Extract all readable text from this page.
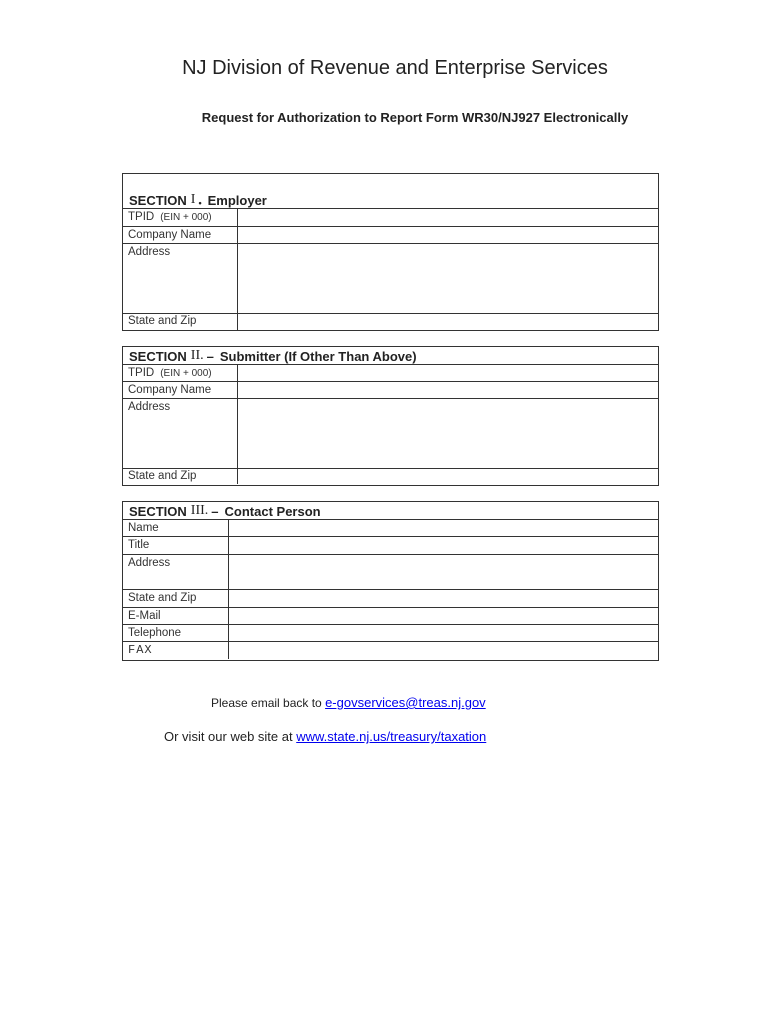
NJ Division of Revenue and Enterprise Services
Request for Authorization to Report Form WR30/NJ927 Electronically
SECTION I • Employer
TPID (EIN + 000)
Company Name
Address
State and Zip
SECTION II. – Submitter (If Other Than Above)
TPID (EIN + 000)
Company Name
Address
State and Zip
SECTION III. – Contact Person
Name
Title
Address
State and Zip
E-Mail
Telephone
FAX
Please email back to e-govservices@treas.nj.gov
Or visit our web site at www.state.nj.us/treasury/taxation
